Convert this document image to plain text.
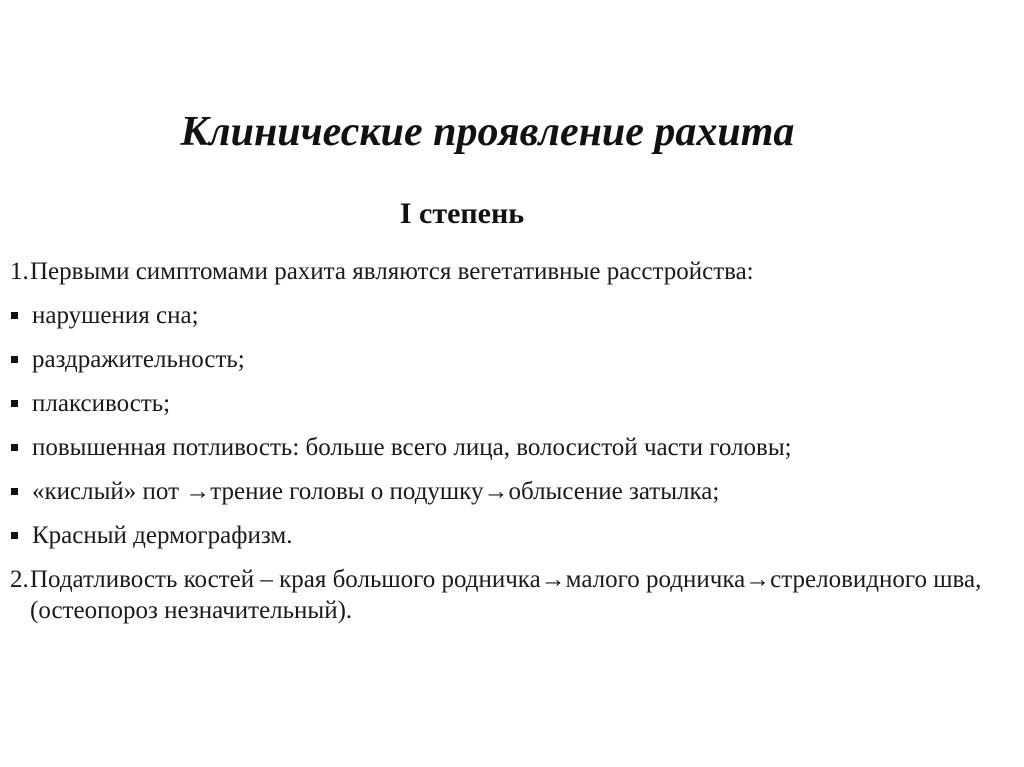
Клинические проявление рахита
I степень
1. Первыми симптомами рахита являются вегетативные расстройства:
нарушения сна;
раздражительность;
плаксивость;
повышенная потливость: больше всего лица, волосистой части головы;
«кислый» пот →трение головы о подушку→облысение затылка;
Красный дермографизм.
2. Податливость костей – края большого родничка→малого родничка→стреловидного шва, (остеопороз незначительный).
